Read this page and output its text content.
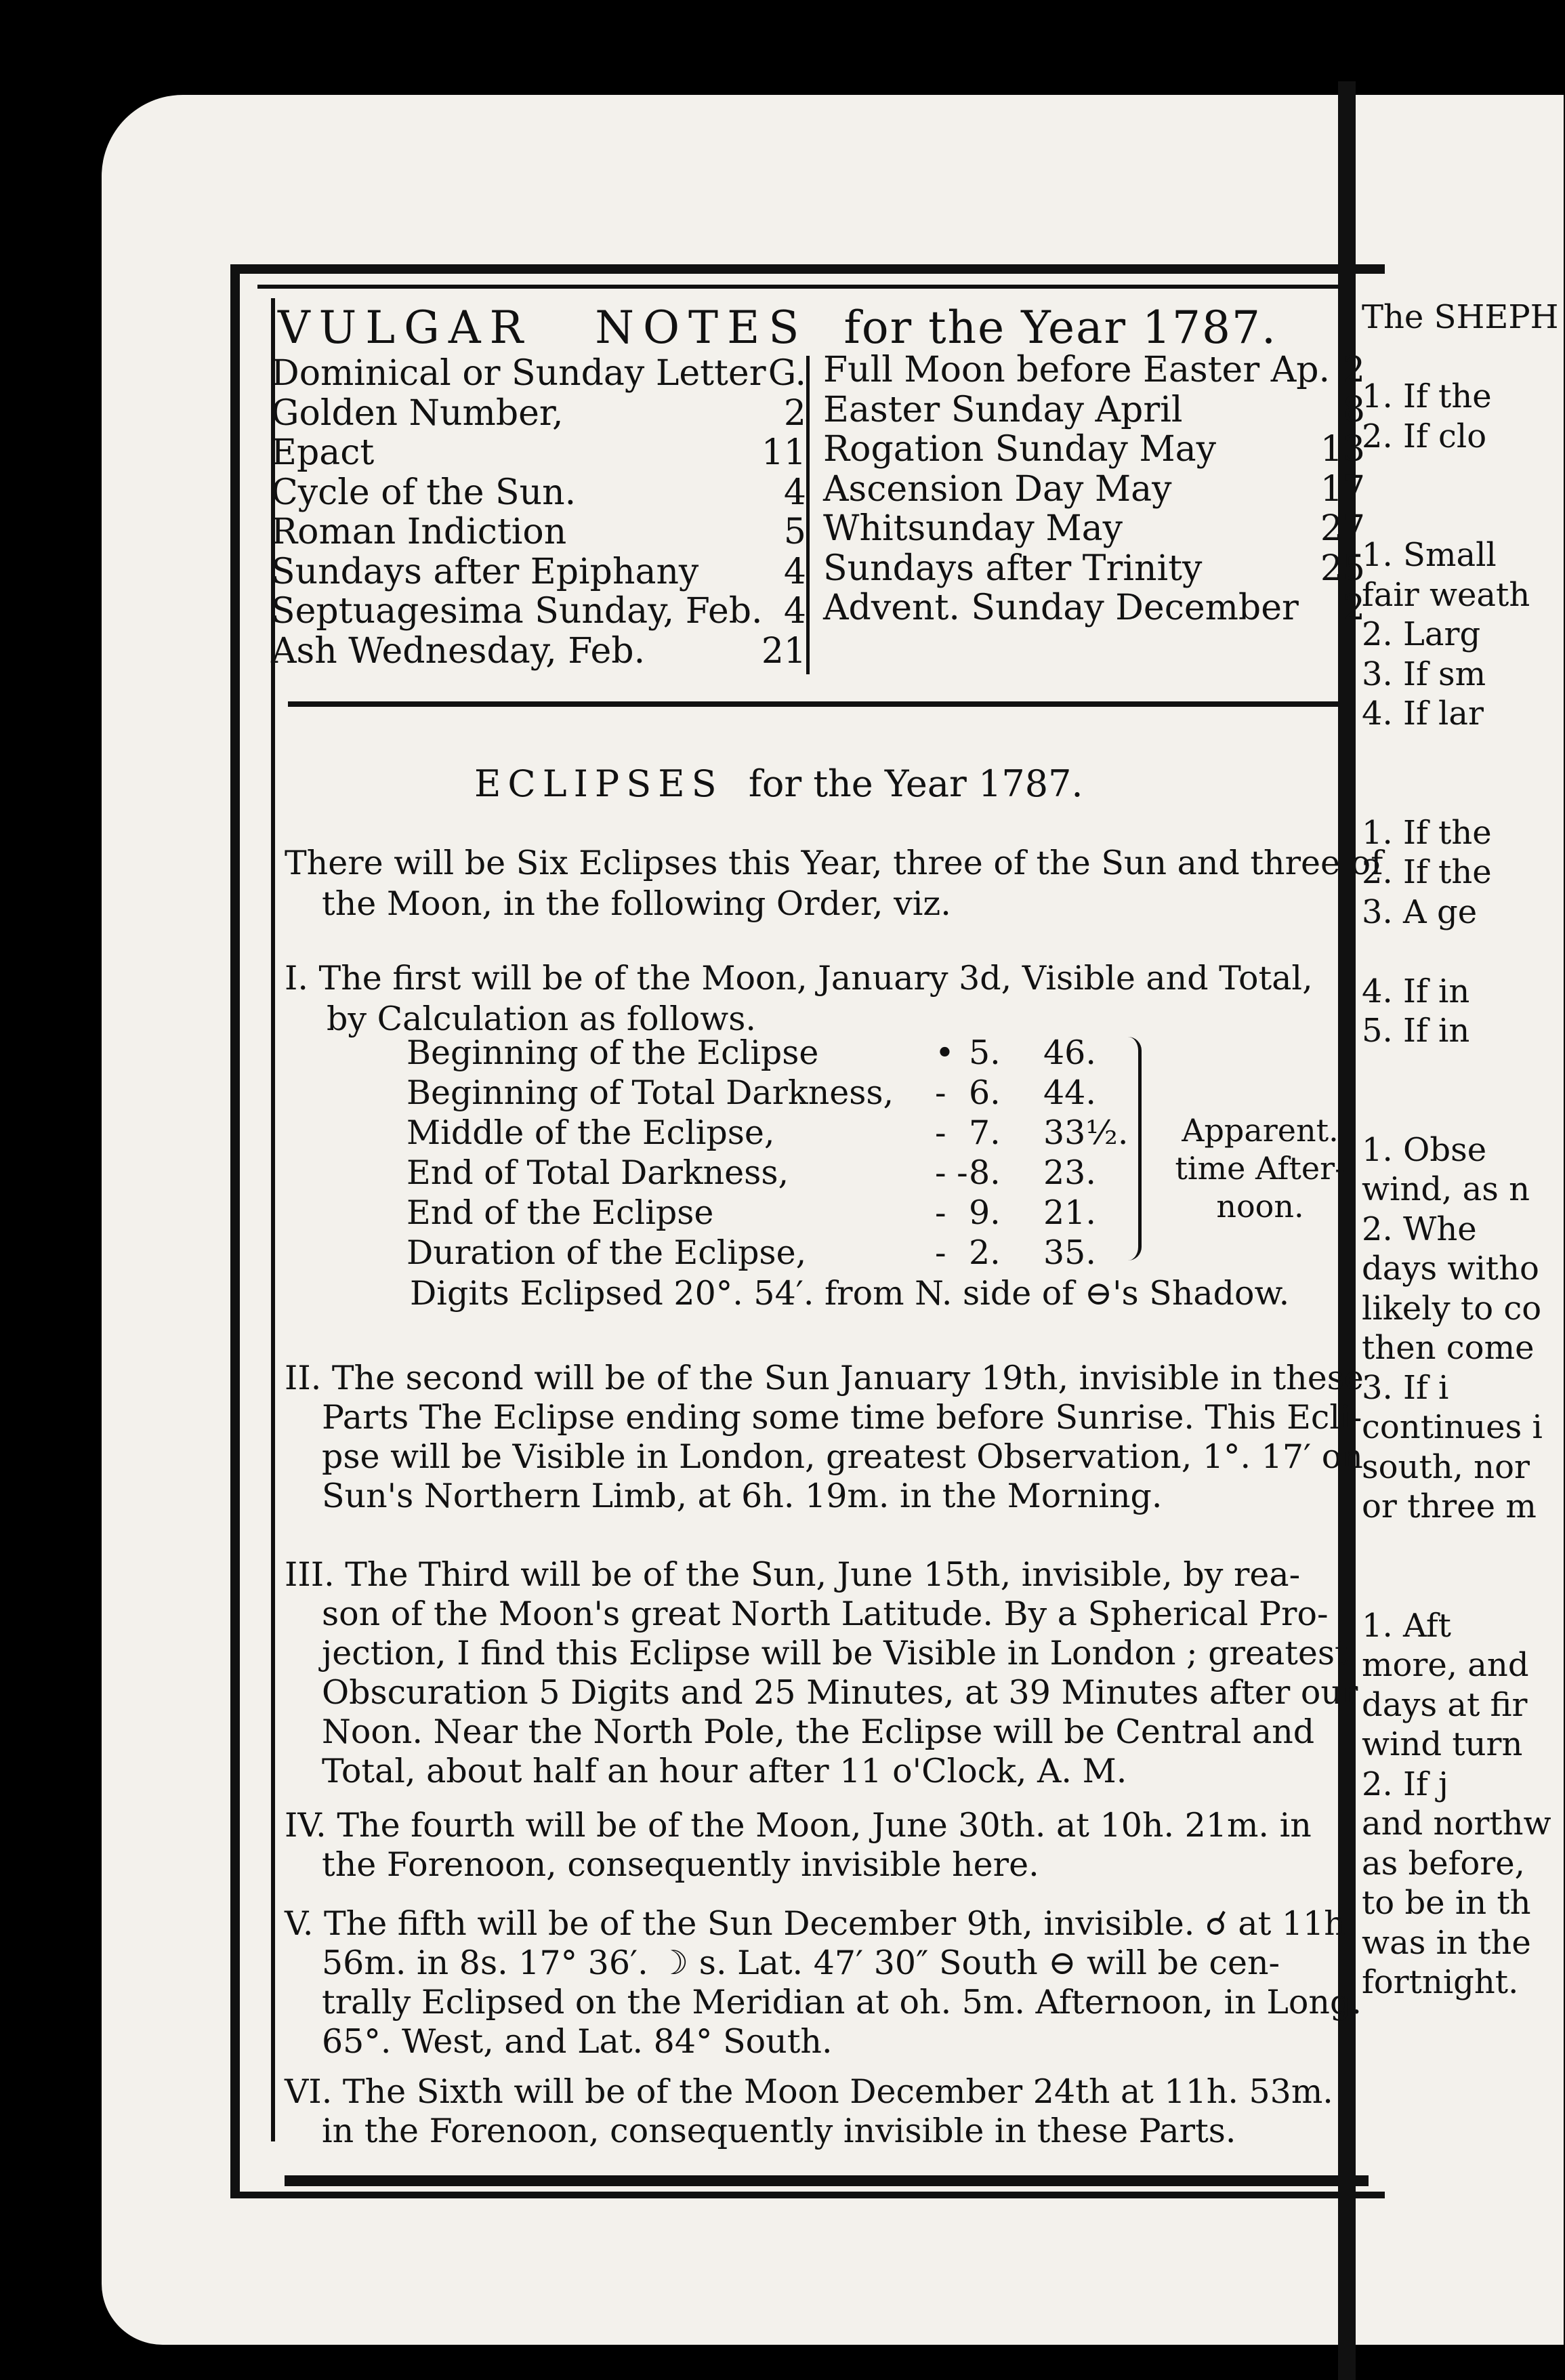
VULGAR NOTES for the Year 1787.
Dominical or Sunday Letter G.
Golden Number,	2
Epact	11
Cycle of the Sun.	4
Roman Indiction	5
Sundays after Epiphany 4
Septuagesima Sunday, Feb. 4
Ash Wednesday, Feb.	21
Full Moon before Easter Ap. 2
Easter Sunday April	8
Rogation Sunday May	13
Ascension Day May	17
Whitsunday May	27
Sundays after Trinity	25
Advent. Sunday December 2
ECLIPSES for the Year 1787.
There will be Six Eclipses this Year, three of the Sun and three of
the Moon, in the following Order, viz.
I. The first will be of the Moon, January 3d, Visible and Total,
by Calculation as follows.
Beginning of the Eclipse	• 5. 46.
Beginning of Total Darkness, - 6. 44.
Middle of the Eclipse,	- 7. 33½.
End of Total Darkness,	- - 8. 23.
End of the Eclipse	- 9. 21.
Duration of the Eclipse,	- 2. 35.
Apparent.
time After-
noon.
Digits Eclipsed 20°. 54′. from N. side of ⊖'s Shadow.
II. The second will be of the Sun January 19th, invisible in these
Parts The Eclipse ending some time before Sunrise. This Ecli-
pse will be Visible in London, greatest Observation, 1°. 17′ on
Sun's Northern Limb, at 6h. 19m. in the Morning.
III. The Third will be of the Sun, June 15th, invisible, by rea-
son of the Moon's great North Latitude. By a Spherical Pro-
jection, I find this Eclipse will be Visible in London ; greatest
Obscuration 5 Digits and 25 Minutes, at 39 Minutes after our
Noon. Near the North Pole, the Eclipse will be Central and
Total, about half an hour after 11 o'Clock, A. M.
IV. The fourth will be of the Moon, June 30th. at 10h. 21m. in
the Forenoon, consequently invisible here.
V. The fifth will be of the Sun December 9th, invisible. ☌ at 11h
56m. in 8s. 17° 36′. ☽ s. Lat. 47′ 30″ South ⊖ will be cen-
trally Eclipsed on the Meridian at oh. 5m. Afternoon, in Long.
65°. West, and Lat. 84° South.
VI. The Sixth will be of the Moon December 24th at 11h. 53m.
in the Forenoon, consequently invisible in these Parts.
The SHEPH
1. If the
2. If clo
1. Small
fair weath
2. Larg
3. If sm
4. If lar
1. If the
2. If the
3. A ge
4. If in
5. If in
1. Obse
wind, as n
2. Whe
days witho
likely to co
then come
3. If i
continues i
south, nor
or three m
1. Aft
more, and
days at fir
wind turn
2. If j
and northw
as before,
to be in th
was in the
fortnight.
